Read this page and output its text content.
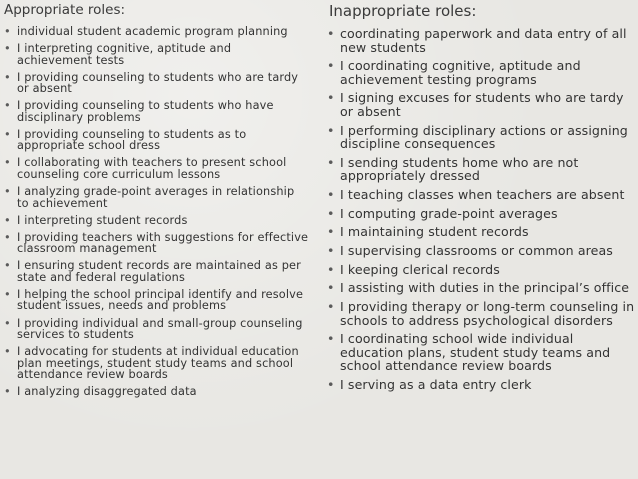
Appropriate roles:
• individual student academic program planning
• I interpreting cognitive, aptitude and achievement tests
• I providing counseling to students who are tardy or absent
• I providing counseling to students who have disciplinary problems
• I providing counseling to students as to appropriate school dress
• I collaborating with teachers to present school counseling core curriculum lessons
• I analyzing grade-point averages in relationship to achievement
• I interpreting student records
• I providing teachers with suggestions for effective classroom management
• I ensuring student records are maintained as per state and federal regulations
• I helping the school principal identify and resolve student issues, needs and problems
• I providing individual and small-group counseling services to students
• I advocating for students at individual education plan meetings, student study teams and school attendance review boards
• I analyzing disaggregated data
Inappropriate roles:
• coordinating paperwork and data entry of all new students
• I coordinating cognitive, aptitude and achievement testing programs
• I signing excuses for students who are tardy or absent
• I performing disciplinary actions or assigning discipline consequences
• I sending students home who are not appropriately dressed
• I teaching classes when teachers are absent
• I computing grade-point averages
• I maintaining student records
• I supervising classrooms or common areas
• I keeping clerical records
• I assisting with duties in the principal’s office
• I providing therapy or long-term counseling in schools to address psychological disorders
• I coordinating school wide individual education plans, student study teams and school attendance review boards
• I serving as a data entry clerk
